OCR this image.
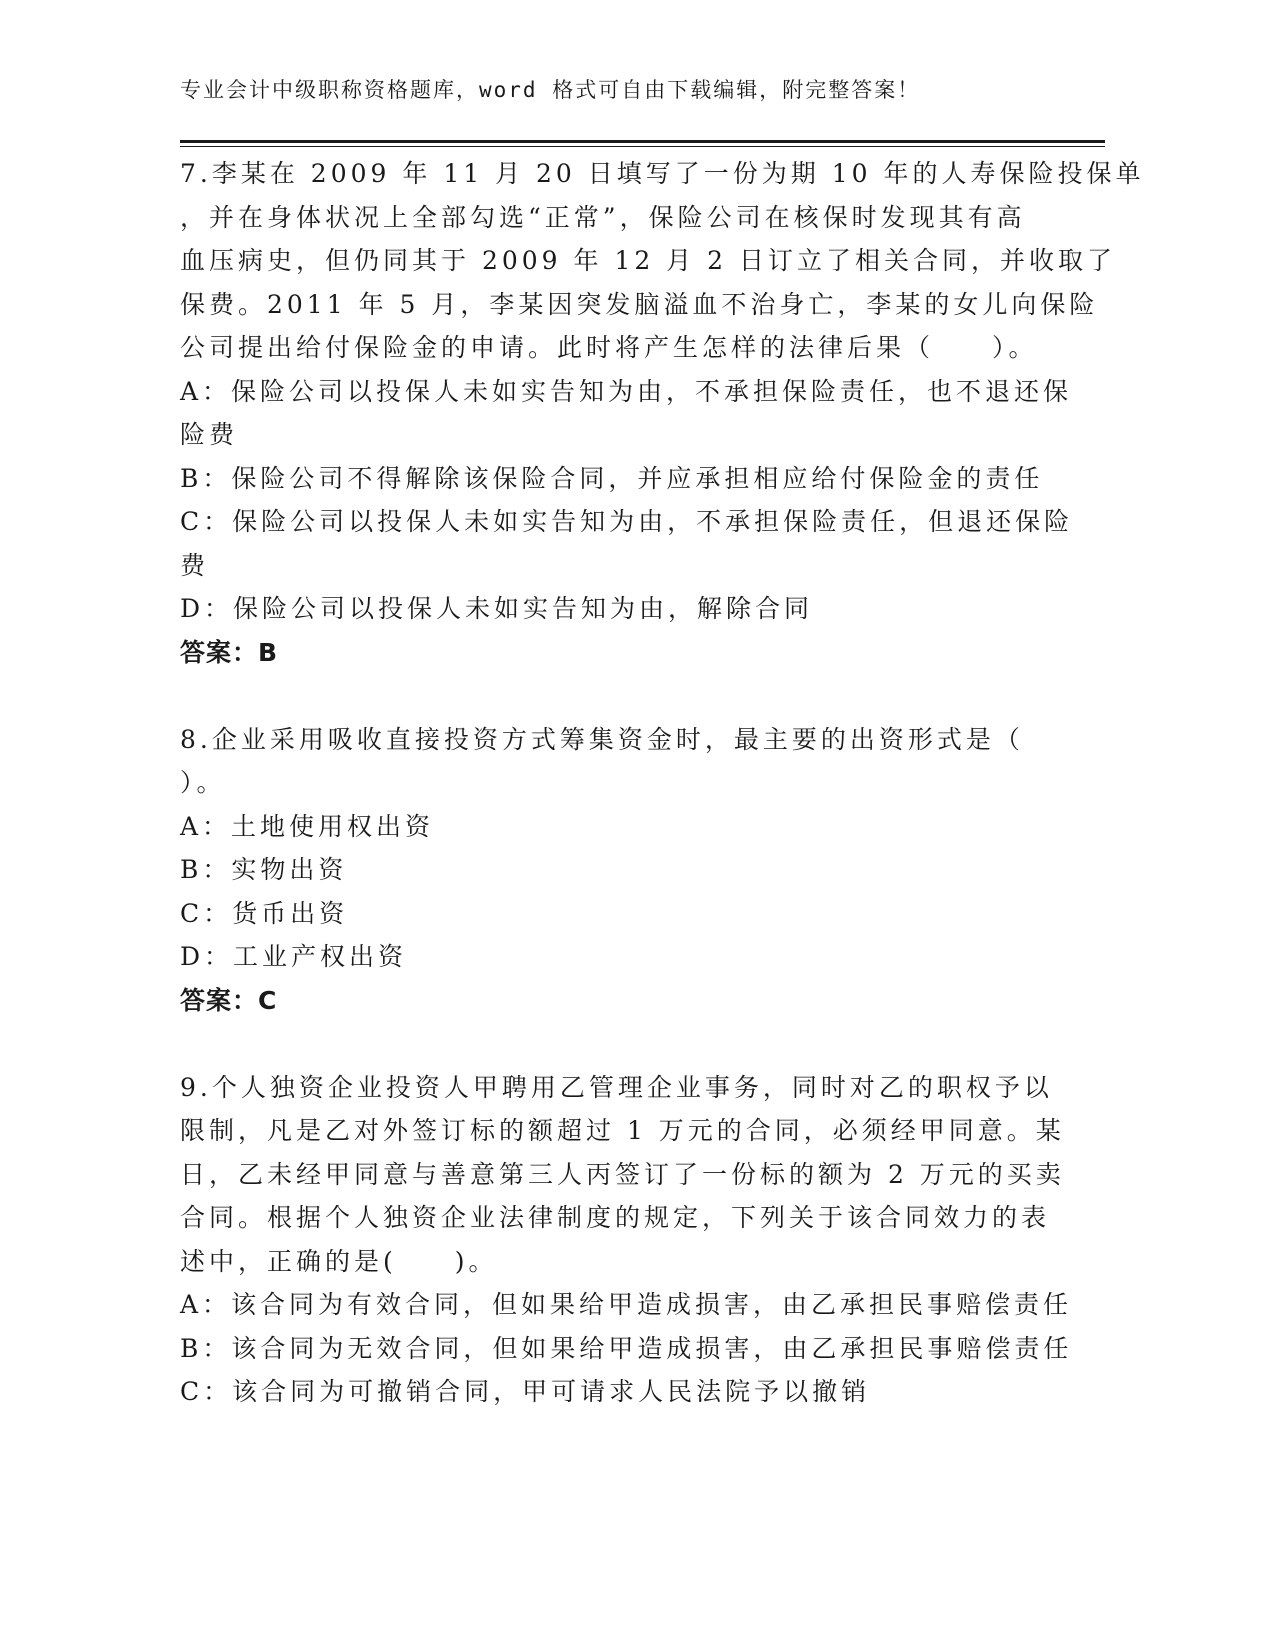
专业会计中级职称资格题库，word 格式可自由下载编辑，附完整答案！
7.李某在 2009 年 11 月 20 日填写了一份为期 10 年的人寿保险投保单
，并在身体状况上全部勾选“正常”，保险公司在核保时发现其有高
血压病史，但仍同其于 2009 年 12 月 2 日订立了相关合同，并收取了
保费。2011 年 5 月，李某因突发脑溢血不治身亡，李某的女儿向保险
公司提出给付保险金的申请。此时将产生怎样的法律后果（　　）。
A：保险公司以投保人未如实告知为由，不承担保险责任，也不退还保
险费
B：保险公司不得解除该保险合同，并应承担相应给付保险金的责任
C：保险公司以投保人未如实告知为由，不承担保险责任，但退还保险
费
D：保险公司以投保人未如实告知为由，解除合同
答案：B
8.企业采用吸收直接投资方式筹集资金时，最主要的出资形式是（
）。
A：土地使用权出资
B：实物出资
C：货币出资
D：工业产权出资
答案：C
9.个人独资企业投资人甲聘用乙管理企业事务，同时对乙的职权予以
限制，凡是乙对外签订标的额超过 1 万元的合同，必须经甲同意。某
日，乙未经甲同意与善意第三人丙签订了一份标的额为 2 万元的买卖
合同。根据个人独资企业法律制度的规定，下列关于该合同效力的表
述中，正确的是(　　)。
A：该合同为有效合同，但如果给甲造成损害，由乙承担民事赔偿责任
B：该合同为无效合同，但如果给甲造成损害，由乙承担民事赔偿责任
C：该合同为可撤销合同，甲可请求人民法院予以撤销
